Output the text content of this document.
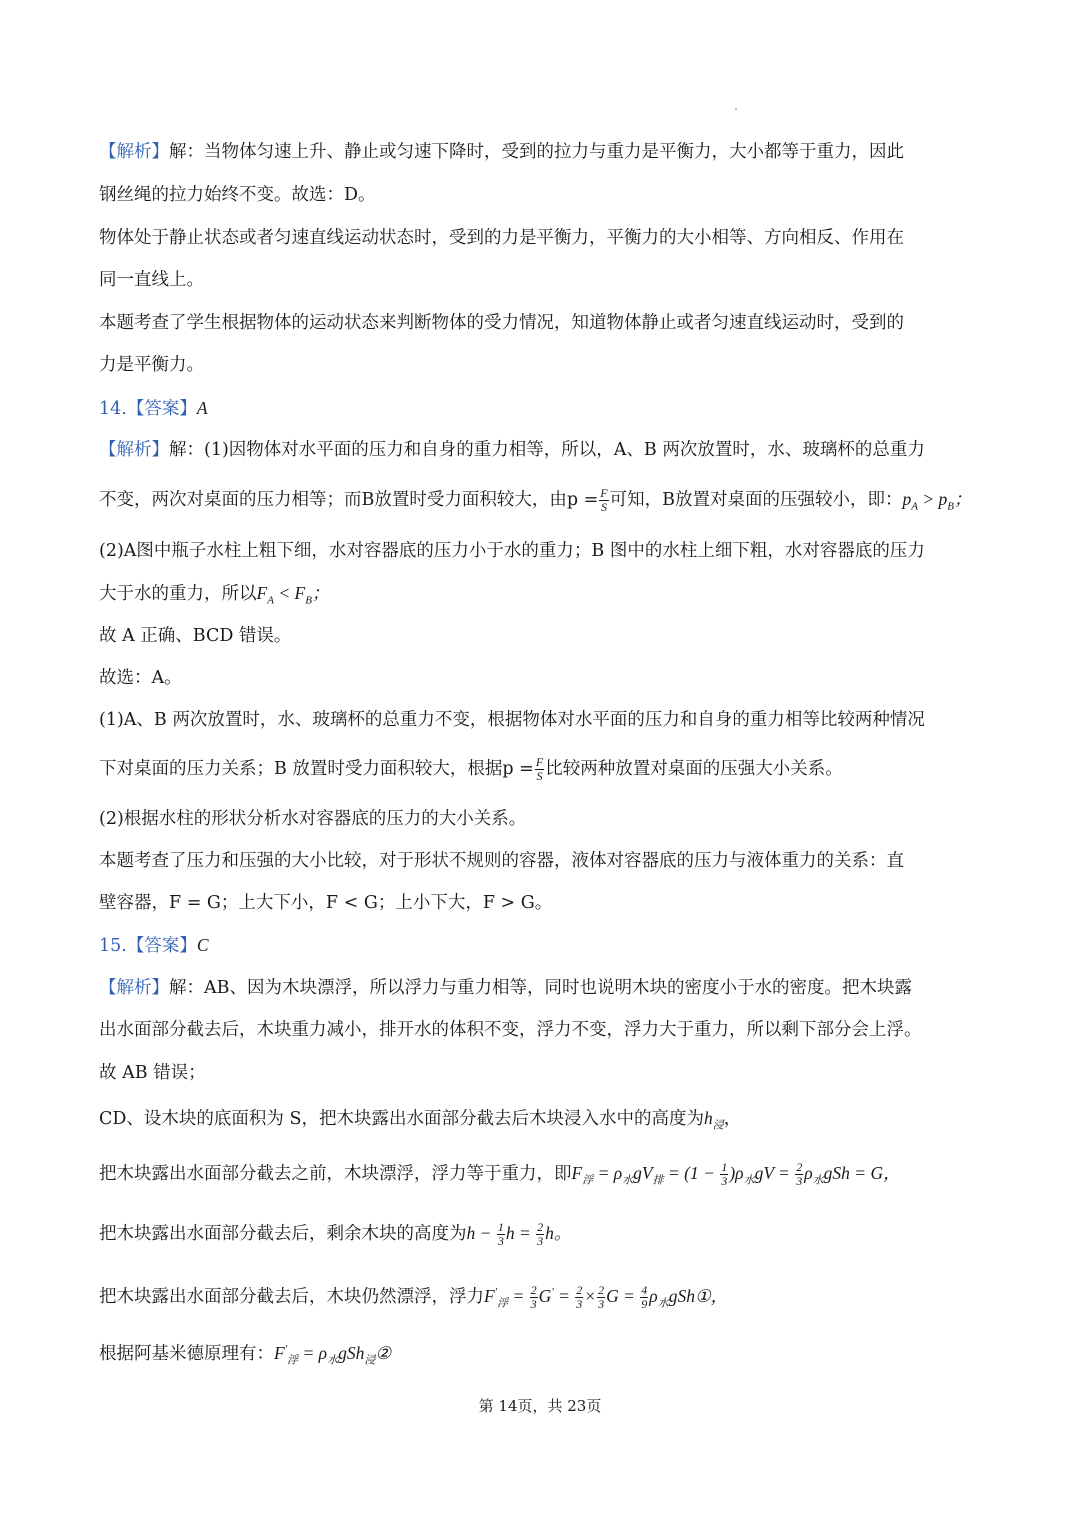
【解析】解：当物体匀速上升、静止或匀速下降时，受到的拉力与重力是平衡力，大小都等于重力，因此
钢丝绳的拉力始终不变。故选：D。
物体处于静止状态或者匀速直线运动状态时，受到的力是平衡力，平衡力的大小相等、方向相反、作用在
同一直线上。
本题考查了学生根据物体的运动状态来判断物体的受力情况，知道物体静止或者匀速直线运动时，受到的
力是平衡力。
14.【答案】A
【解析】解：(1)因物体对水平面的压力和自身的重力相等，所以，A、B 两次放置时，水、玻璃杯的总重力
不变，两次对桌面的压力相等；而B放置时受力面积较大，由$p = \frac{F}{S}$ 可知，B放置对桌面的压强较小，即：$p_A > p_B$；
(2)A图中瓶子水柱上粗下细，水对容器底的压力小于水的重力；B 图中的水柱上细下粗，水对容器底的压力
大于水的重力，所以$F_A < F_B$；
故 A 正确、BCD 错误。
故选：A。
(1)A、B 两次放置时，水、玻璃杯的总重力不变，根据物体对水平面的压力和自身的重力相等比较两种情况
下对桌面的压力关系；B 放置时受力面积较大，根据$p = \frac{F}{S}$ 比较两种放置对桌面的压强大小关系。
(2)根据水柱的形状分析水对容器底的压力的大小关系。
本题考查了压力和压强的大小比较，对于形状不规则的容器，液体对容器底的压力与液体重力的关系：直
壁容器，F = G；上大下小，F < G；上小下大，F > G。
15.【答案】C
【解析】解：AB、因为木块漂浮，所以浮力与重力相等，同时也说明木块的密度小于水的密度。把木块露
出水面部分截去后，木块重力减小，排开水的体积不变，浮力不变，浮力大于重力，所以剩下部分会上浮。
故 AB 错误；
CD、设木块的底面积为 S，把木块露出水面部分截去后木块浸入水中的高度为$h_浸$，
把木块露出水面部分截去之前，木块漂浮，浮力等于重力，即$F_浮 = \rho_水gV_排 = (1 - \frac{1}{3} )\rho_水gV = \frac{2}{3} \rho_水gSh = G$，
把木块露出水面部分截去后，剩余木块的高度为$h - \frac{1}{3}$ $h = \frac{2}{3}$ h。
把木块露出水面部分截去后，木块仍然漂浮，浮力$F'_浮 = \frac{2}{3} G' = \frac{2}{3} \times \frac{2}{3}$ $G = \frac{4}{9}$ $\rho_水gSh①$，
根据阿基米德原理有：$F'_浮$ = $\rho_水gSh_浸②$
第 14页，共 23页
